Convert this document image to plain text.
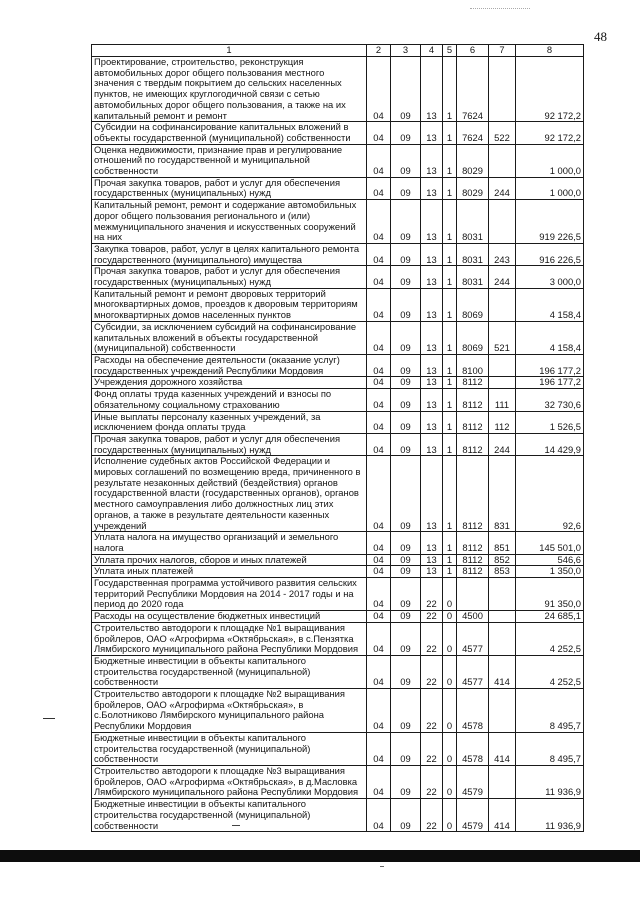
48
1	2	3	4	5	6	7	8
Проектирование, строительство, реконструкция автомобильных дорог общего пользования местного значения с твердым покрытием до сельских населенных пунктов, не имеющих круглогодичной связи с сетью автомобильных дорог общего пользования, а также на их капитальный ремонт и ремонт	04	09	13	1	7624		92 172,2
Субсидии на софинансирование капитальных вложений в объекты государственной (муниципальной) собственности	04	09	13	1	7624	522	92 172,2
Оценка недвижимости, признание прав и регулирование отношений по государственной и муниципальной собственности	04	09	13	1	8029		1 000,0
Прочая закупка товаров, работ и услуг для обеспечения государственных (муниципальных) нужд	04	09	13	1	8029	244	1 000,0
Капитальный ремонт, ремонт и содержание автомобильных дорог общего пользования регионального и (или) межмуниципального значения и искусственных сооружений на них	04	09	13	1	8031		919 226,5
Закупка товаров, работ, услуг в целях капитального ремонта государственного (муниципального) имущества	04	09	13	1	8031	243	916 226,5
Прочая закупка товаров, работ и услуг для обеспечения государственных (муниципальных) нужд	04	09	13	1	8031	244	3 000,0
Капитальный ремонт и ремонт дворовых территорий многоквартирных домов, проездов к дворовым территориям многоквартирных домов населенных пунктов	04	09	13	1	8069		4 158,4
Субсидии, за исключением субсидий на софинансирование капитальных вложений в объекты государственной (муниципальной) собственности	04	09	13	1	8069	521	4 158,4
Расходы на обеспечение деятельности (оказание услуг) государственных учреждений Республики Мордовия	04	09	13	1	8100		196 177,2
Учреждения дорожного хозяйства	04	09	13	1	8112		196 177,2
Фонд оплаты труда казенных учреждений и взносы по обязательному социальному страхованию	04	09	13	1	8112	111	32 730,6
Иные выплаты персоналу казенных учреждений, за исключением фонда оплаты труда	04	09	13	1	8112	112	1 526,5
Прочая закупка товаров, работ и услуг для обеспечения государственных (муниципальных) нужд	04	09	13	1	8112	244	14 429,9
Исполнение судебных актов Российской Федерации и мировых соглашений по возмещению вреда, причиненного в результате незаконных действий (бездействия) органов государственной власти (государственных органов), органов местного самоуправления либо должностных лиц этих органов, а также в результате деятельности казенных учреждений	04	09	13	1	8112	831	92,6
Уплата налога на имущество организаций и земельного налога	04	09	13	1	8112	851	145 501,0
Уплата прочих налогов, сборов и иных платежей	04	09	13	1	8112	852	546,6
Уплата иных платежей	04	09	13	1	8112	853	1 350,0
Государственная программа устойчивого развития сельских территорий Республики Мордовия на 2014 - 2017 годы и на период до 2020 года	04	09	22	0			91 350,0
Расходы на осуществление бюджетных инвестиций	04	09	22	0	4500		24 685,1
Строительство автодороги к площадке №1 выращивания бройлеров, ОАО «Агрофирма «Октябрьская», в с.Пензятка Лямбирского муниципального района Республики Мордовия	04	09	22	0	4577		4 252,5
Бюджетные инвестиции в объекты капитального строительства государственной (муниципальной) собственности	04	09	22	0	4577	414	4 252,5
Строительство автодороги к площадке №2 выращивания бройлеров, ОАО «Агрофирма «Октябрьская», в с.Болотниково Лямбирского муниципального района Республики Мордовия	04	09	22	0	4578		8 495,7
Бюджетные инвестиции в объекты капитального строительства государственной (муниципальной) собственности	04	09	22	0	4578	414	8 495,7
Строительство автодороги к площадке №3 выращивания бройлеров, ОАО «Агрофирма «Октябрьская», в д.Масловка Лямбирского муниципального района Республики Мордовия	04	09	22	0	4579		11 936,9
Бюджетные инвестиции в объекты капитального строительства государственной (муниципальной) собственности	04	09	22	0	4579	414	11 936,9
